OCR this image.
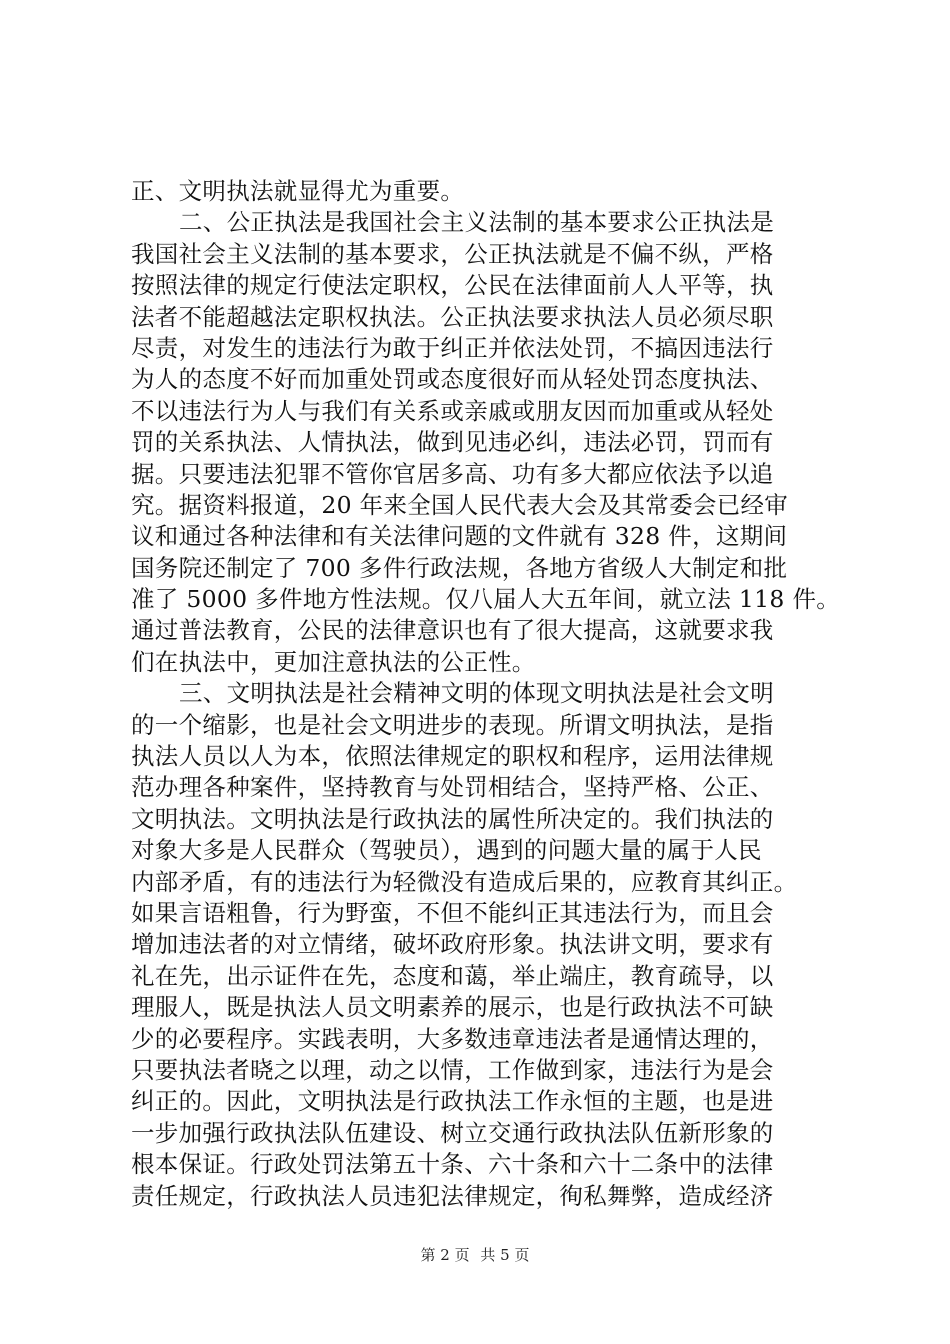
正、文明执法就显得尤为重要。
二、公正执法是我国社会主义法制的基本要求公正执法是
我国社会主义法制的基本要求，公正执法就是不偏不纵，严格
按照法律的规定行使法定职权，公民在法律面前人人平等，执
法者不能超越法定职权执法。公正执法要求执法人员必须尽职
尽责，对发生的违法行为敢于纠正并依法处罚，不搞因违法行
为人的态度不好而加重处罚或态度很好而从轻处罚态度执法、
不以违法行为人与我们有关系或亲戚或朋友因而加重或从轻处
罚的关系执法、人情执法，做到见违必纠，违法必罚，罚而有
据。只要违法犯罪不管你官居多高、功有多大都应依法予以追
究。据资料报道，20 年来全国人民代表大会及其常委会已经审
议和通过各种法律和有关法律问题的文件就有 328 件，这期间
国务院还制定了 700 多件行政法规，各地方省级人大制定和批
准了 5000 多件地方性法规。仅八届人大五年间，就立法 118 件。
通过普法教育，公民的法律意识也有了很大提高，这就要求我
们在执法中，更加注意执法的公正性。
三、文明执法是社会精神文明的体现文明执法是社会文明
的一个缩影，也是社会文明进步的表现。所谓文明执法，是指
执法人员以人为本，依照法律规定的职权和程序，运用法律规
范办理各种案件，坚持教育与处罚相结合，坚持严格、公正、
文明执法。文明执法是行政执法的属性所决定的。我们执法的
对象大多是人民群众（驾驶员），遇到的问题大量的属于人民
内部矛盾，有的违法行为轻微没有造成后果的，应教育其纠正。
如果言语粗鲁，行为野蛮，不但不能纠正其违法行为，而且会
增加违法者的对立情绪，破坏政府形象。执法讲文明，要求有
礼在先，出示证件在先，态度和蔼，举止端庄，教育疏导，以
理服人，既是执法人员文明素养的展示，也是行政执法不可缺
少的必要程序。实践表明，大多数违章违法者是通情达理的，
只要执法者晓之以理，动之以情，工作做到家，违法行为是会
纠正的。因此，文明执法是行政执法工作永恒的主题，也是进
一步加强行政执法队伍建设、树立交通行政执法队伍新形象的
根本保证。行政处罚法第五十条、六十条和六十二条中的法律
责任规定，行政执法人员违犯法律规定，徇私舞弊，造成经济
第 2 页 共 5 页
